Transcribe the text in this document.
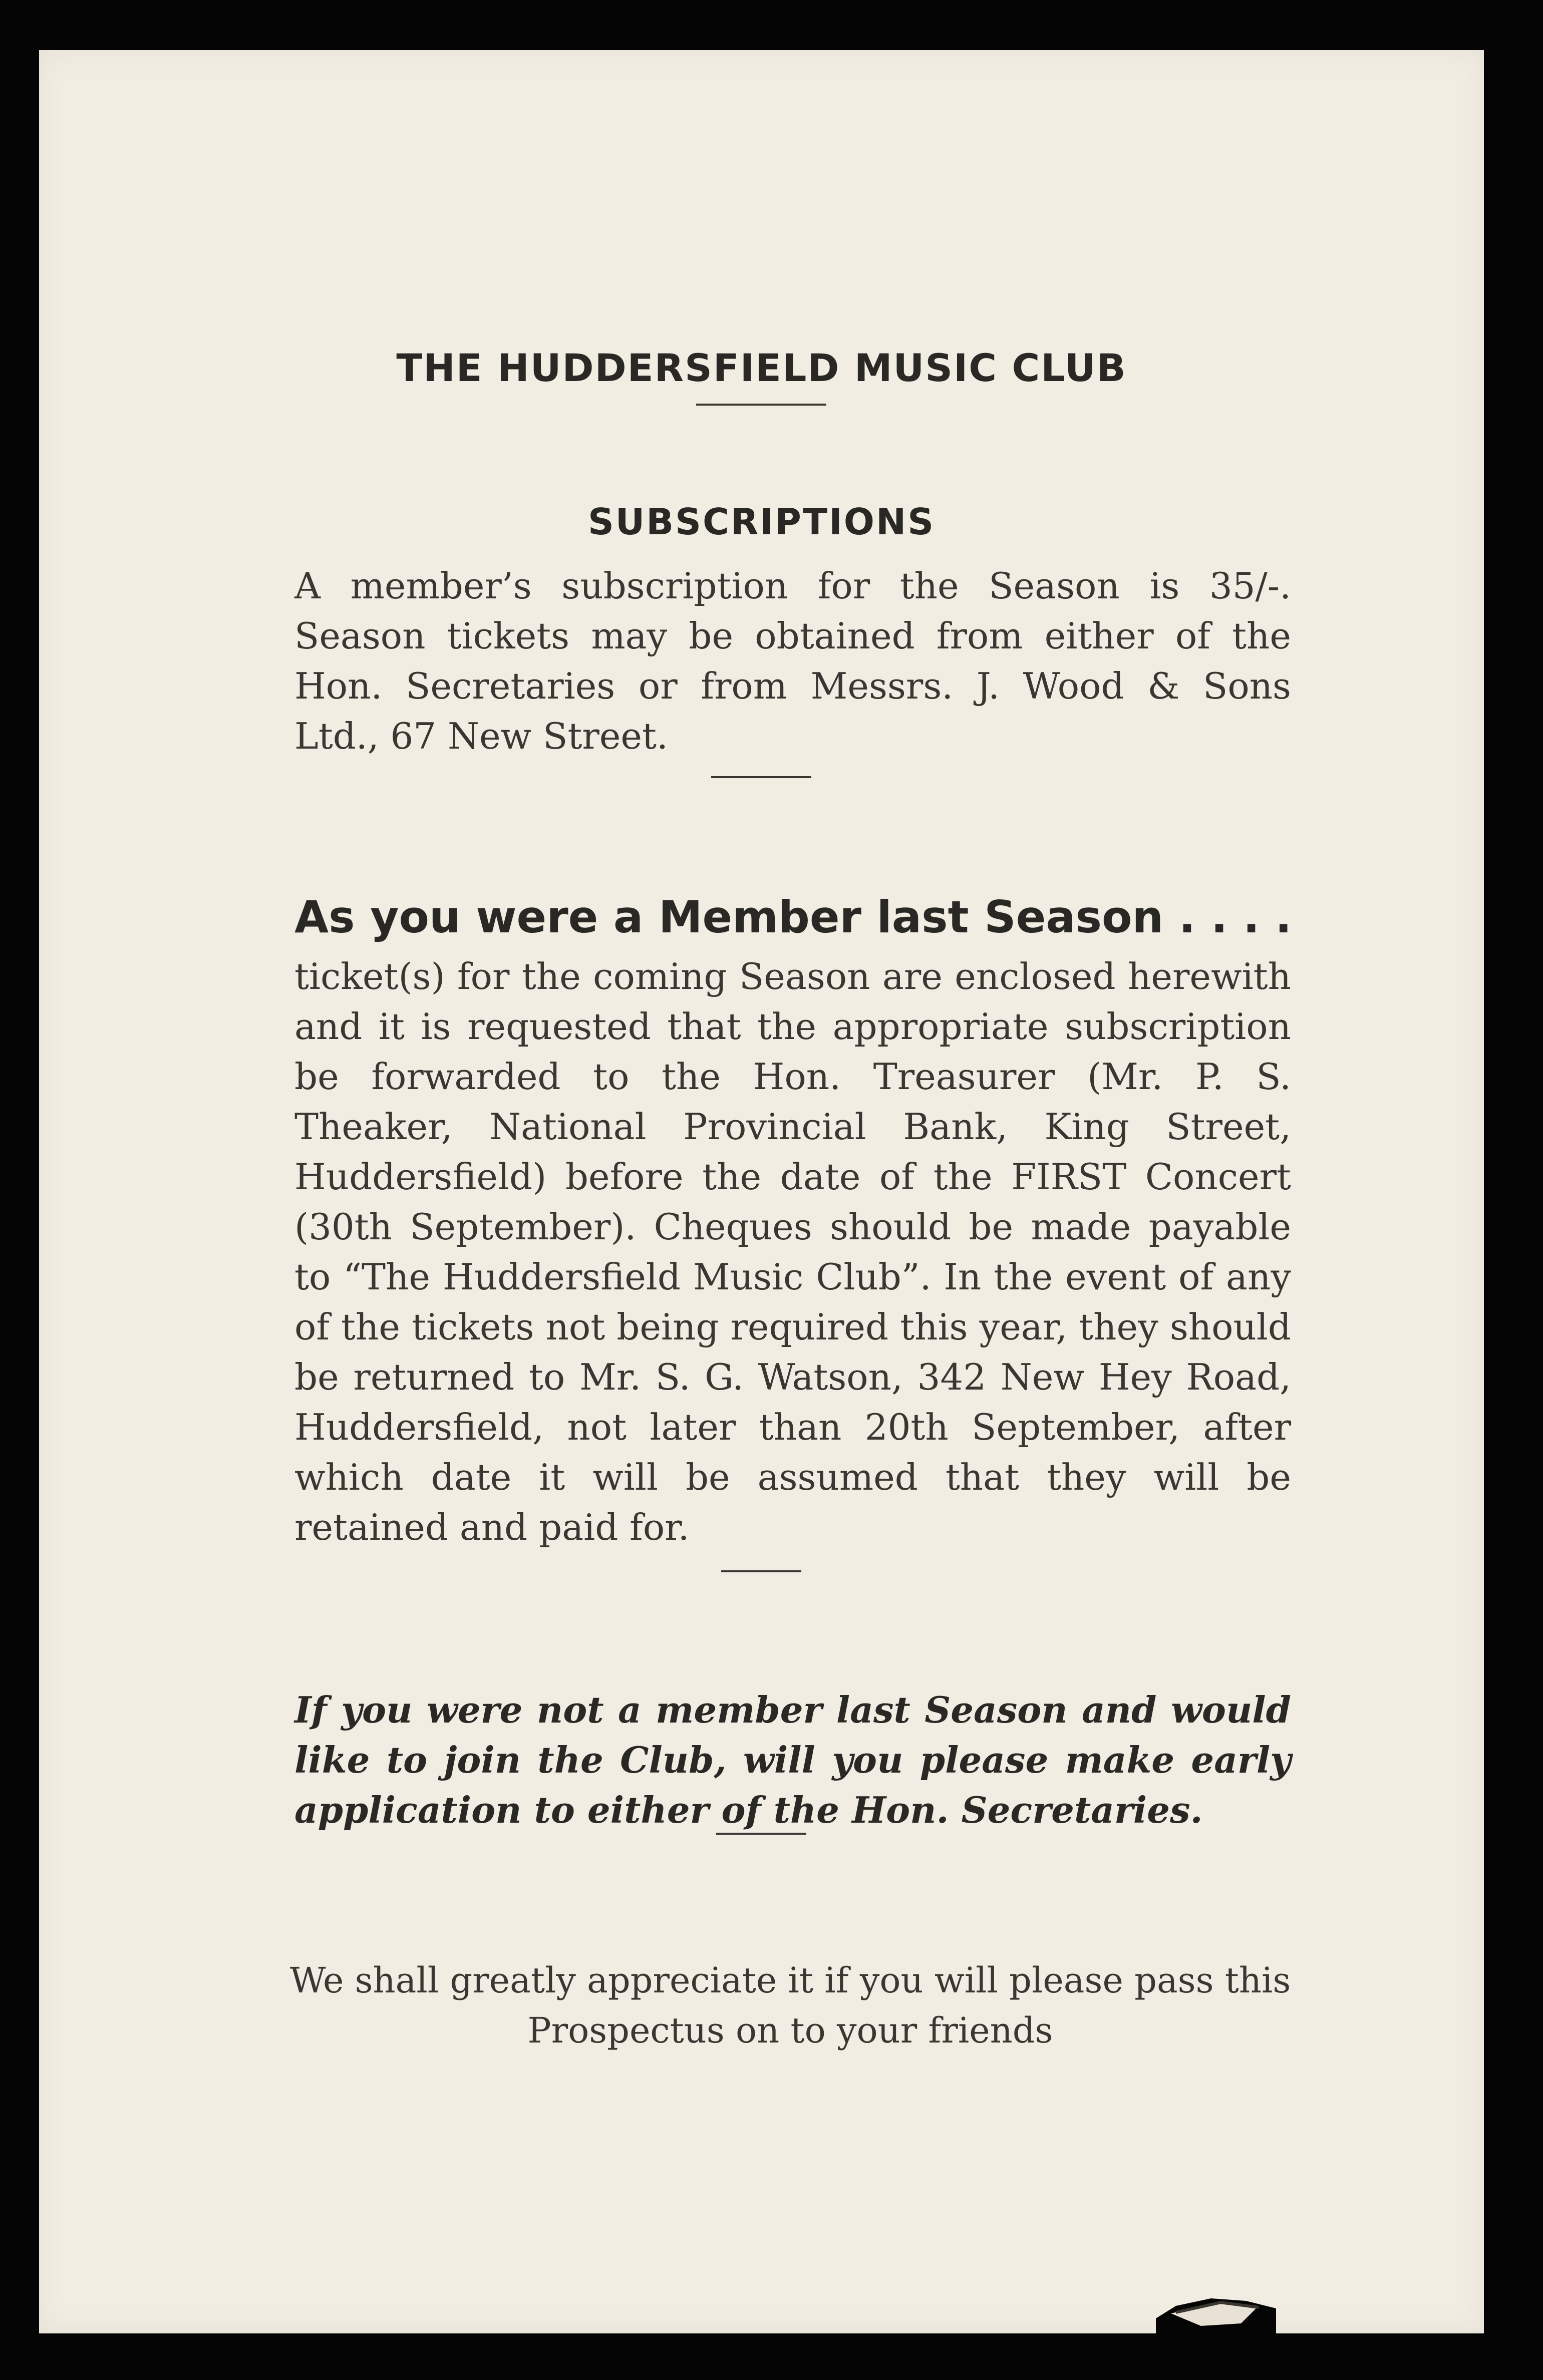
THE HUDDERSFIELD MUSIC CLUB
SUBSCRIPTIONS
A member’s subscription for the Season is 35/-. Season tickets may be obtained from either of the Hon. Secretaries or from Messrs. J. Wood & Sons Ltd., 67 New Street.
As you were a Member last Season . . . .
ticket(s) for the coming Season are enclosed herewith and it is requested that the appropriate subscription be forwarded to the Hon. Treasurer (Mr. P. S. Theaker, National Provincial Bank, King Street, Huddersfield) before the date of the FIRST Concert (30th September). Cheques should be made payable to “The Huddersfield Music Club”. In the event of any of the tickets not being required this year, they should be returned to Mr. S. G. Watson, 342 New Hey Road, Huddersfield, not later than 20th September, after which date it will be assumed that they will be retained and paid for.
If you were not a member last Season and would like to join the Club, will you please make early application to either of the Hon. Secretaries.
We shall greatly appreciate it if you will please pass this
Prospectus on to your friends
